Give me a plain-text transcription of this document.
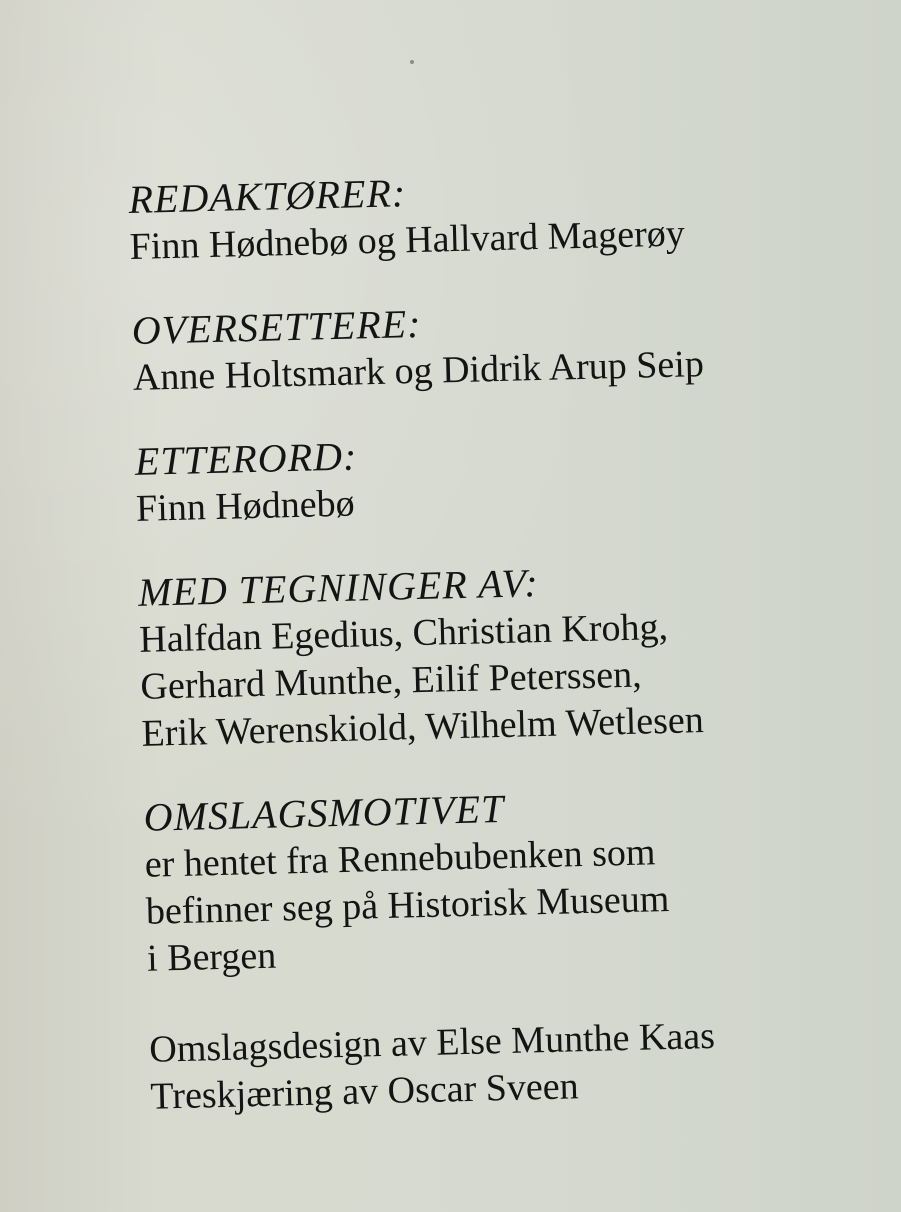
REDAKTØRER:
Finn Hødnebø og Hallvard Magerøy
OVERSETTERE:
Anne Holtsmark og Didrik Arup Seip
ETTERORD:
Finn Hødnebø
MED TEGNINGER AV:
Halfdan Egedius, Christian Krohg,
Gerhard Munthe, Eilif Peterssen,
Erik Werenskiold, Wilhelm Wetlesen
OMSLAGSMOTIVET
er hentet fra Rennebubenken som
befinner seg på Historisk Museum
i Bergen
Omslagsdesign av Else Munthe Kaas
Treskjæring av Oscar Sveen
